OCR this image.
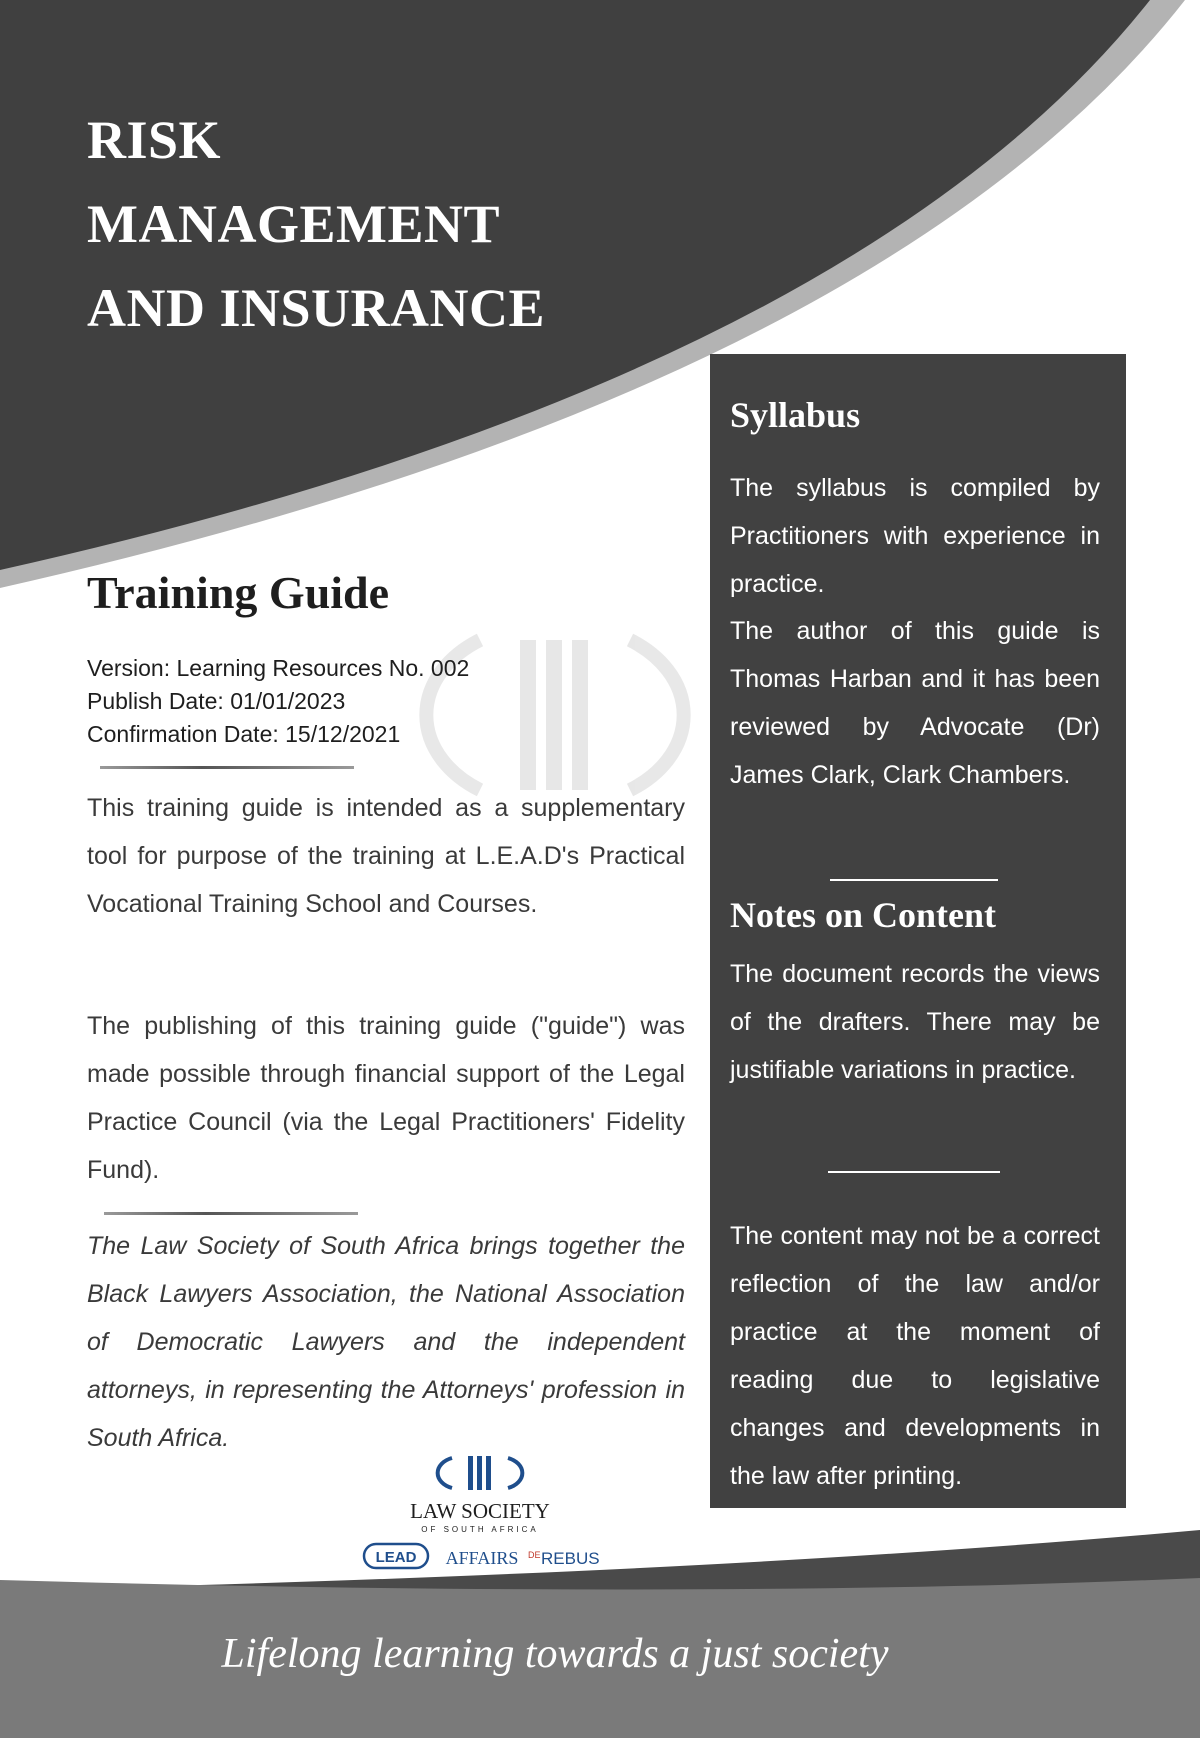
RISK
MANAGEMENT
AND INSURANCE
Training Guide
Version: Learning Resources No. 002
Publish Date: 01/01/2023
Confirmation Date: 15/12/2021

This training guide is intended as a supplementary tool for purpose of the training at L.E.A.D's Practical Vocational Training School and Courses.

The publishing of this training guide ("guide") was made possible through financial support of the Legal Practice Council (via the Legal Practitioners' Fidelity Fund).

The Law Society of South Africa brings together the Black Lawyers Association, the National Association of Democratic Lawyers and the independent attorneys, in representing the Attorneys' profession in South Africa.

Syllabus

The syllabus is compiled by Practitioners with experience in practice.

The author of this guide is Thomas Harban and it has been reviewed by Advocate (Dr) James Clark, Clark Chambers.

Notes on Content

The document records the views of the drafters. There may be justifiable variations in practice.

The content may not be a correct reflection of the law and/or practice at the moment of reading due to legislative changes and developments in the law after printing.

LAW SOCIETY
OF SOUTH AFRICA
LEAD AFFAIRS DE REBUS

Lifelong learning towards a just society
